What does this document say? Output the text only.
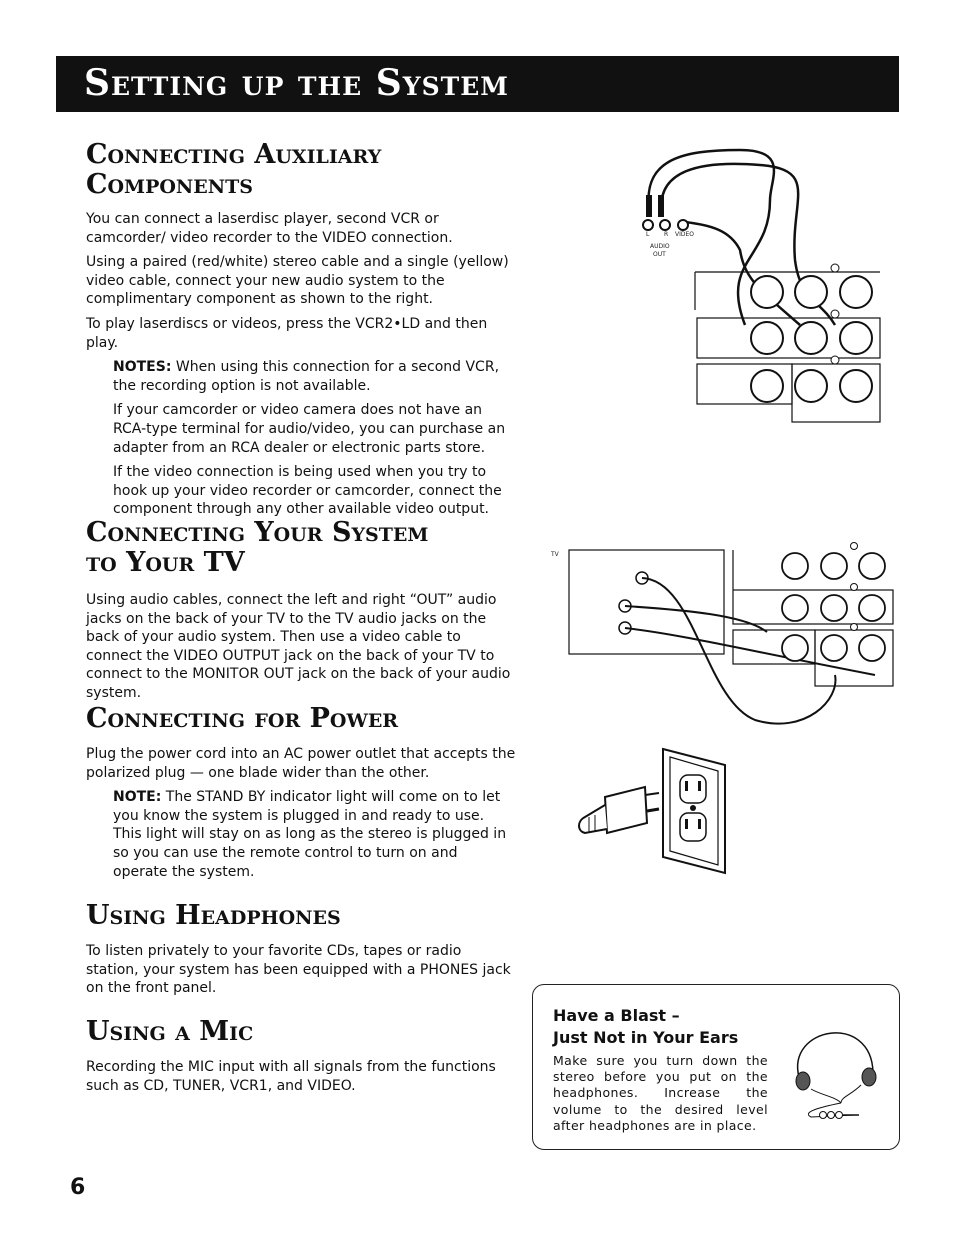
Setting up the System
Connecting Auxiliary
Components

You can connect a laserdisc player, second VCR or camcorder/ video recorder to the VIDEO connection.

Using a paired (red/white) stereo cable and a single (yellow) video cable, connect your new audio system to the complimentary component as shown to the right.

To play laserdiscs or videos, press the VCR2•LD and then play.

NOTES: When using this connection for a second VCR, the recording option is not available.

If your camcorder or video camera does not have an RCA-type terminal for audio/video, you can purchase an adapter from an RCA dealer or electronic parts store.

If the video connection is being used when you try to hook up your video recorder or camcorder, connect the component through any other available video output.

Connecting Your System
to Your TV

Using audio cables, connect the left and right “OUT” audio jacks on the back of your TV to the TV audio jacks on the back of your audio system. Then use a video cable to connect the VIDEO OUTPUT jack on the back of your TV to connect to the MONITOR OUT jack on the back of your audio system.

Connecting for Power

Plug the power cord into an AC power outlet that accepts the polarized plug — one blade wider than the other.

NOTE: The STAND BY indicator light will come on to let you know the system is plugged in and ready to use. This light will stay on as long as the stereo is plugged in so you can use the remote control to turn on and operate the system.

Using Headphones

To listen privately to your favorite CDs, tapes or radio station, your system has been equipped with a PHONES jack on the front panel.

Using a Mic

Recording the MIC input with all signals from the functions such as CD, TUNER, VCR1, and VIDEO.

L R VIDEO
AUDIO
OUT
TV
Have a Blast –
Just Not in Your Ears
Make sure you turn down the stereo before you put on the headphones. Increase the volume to the desired level after headphones are in place.
6
